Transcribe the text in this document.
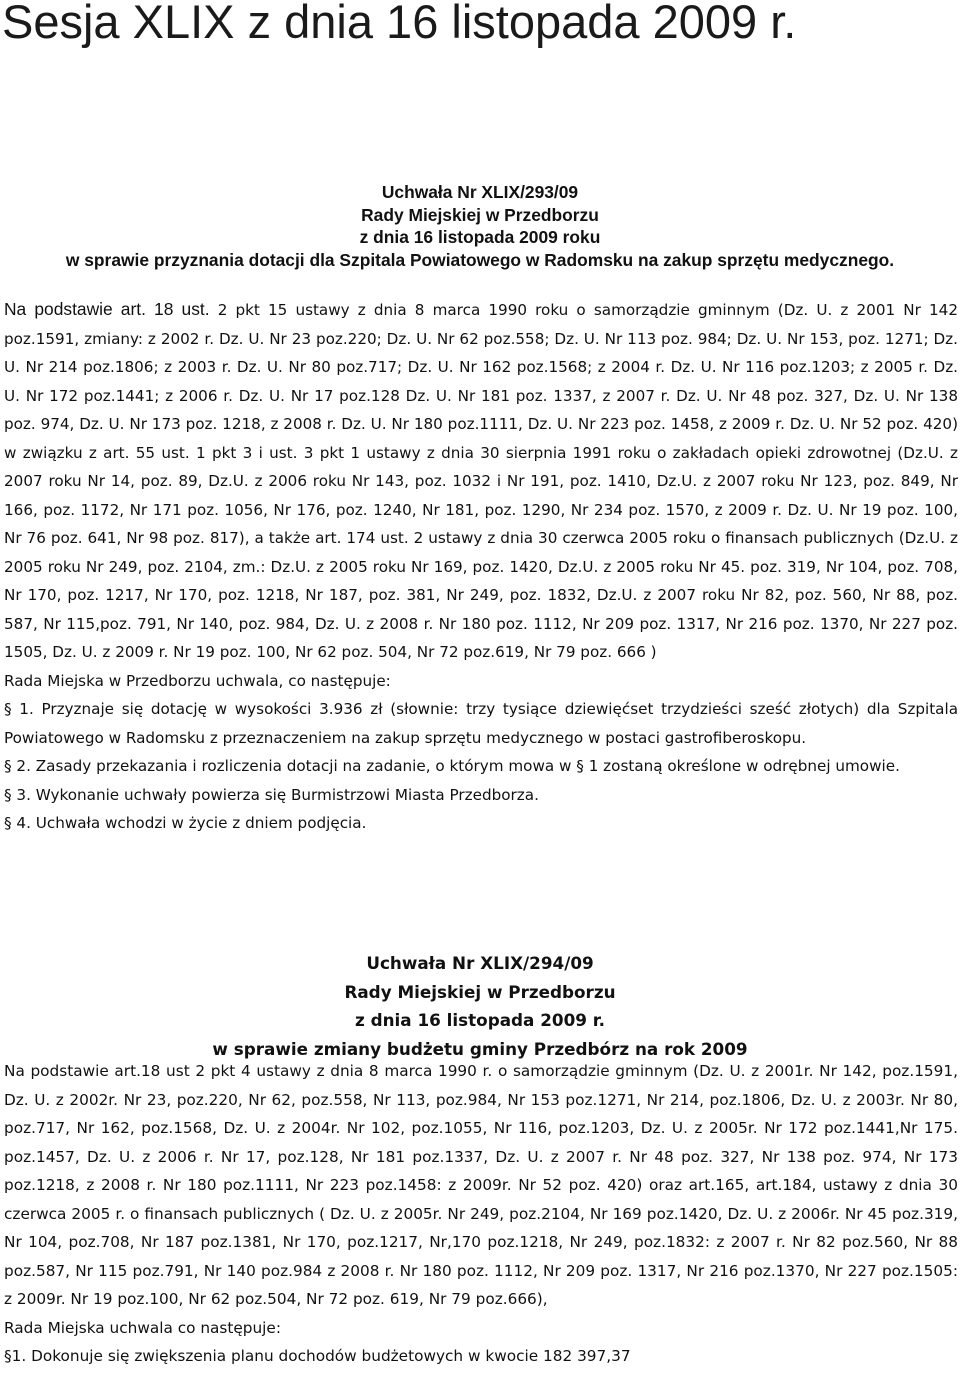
Sesja XLIX z dnia 16 listopada 2009 r.

Uchwała Nr XLIX/293/09

Rady Miejskiej w Przedborzu

z dnia 16 listopada 2009 roku

w sprawie przyznania dotacji dla Szpitala Powiatowego w Radomsku na zakup sprzętu medycznego.

Na podstawie art. 18 ust. 2 pkt 15 ustawy z dnia 8 marca 1990 roku o samorządzie gminnym (Dz. U. z 2001 Nr 142 poz.1591, zmiany: z 2002 r. Dz. U. Nr 23 poz.220; Dz. U. Nr 62 poz.558; Dz. U. Nr 113 poz. 984; Dz. U. Nr 153, poz. 1271; Dz. U. Nr 214 poz.1806; z 2003 r. Dz. U. Nr 80 poz.717; Dz. U. Nr 162 poz.1568; z 2004 r. Dz. U. Nr 116 poz.1203; z 2005 r. Dz. U. Nr 172 poz.1441; z 2006 r. Dz. U. Nr 17 poz.128 Dz. U. Nr 181 poz. 1337, z 2007 r. Dz. U. Nr 48 poz. 327, Dz. U. Nr 138 poz. 974, Dz. U. Nr 173 poz. 1218, z 2008 r. Dz. U. Nr 180 poz.1111, Dz. U. Nr 223 poz. 1458, z 2009 r. Dz. U. Nr 52 poz. 420) w związku z art. 55 ust. 1 pkt 3 i ust. 3 pkt 1 ustawy z dnia 30 sierpnia 1991 roku o zakładach opieki zdrowotnej (Dz.U. z 2007 roku Nr 14, poz. 89, Dz.U. z 2006 roku Nr 143, poz. 1032 i Nr 191, poz. 1410, Dz.U. z 2007 roku Nr 123, poz. 849, Nr 166, poz. 1172, Nr 171 poz. 1056, Nr 176, poz. 1240, Nr 181, poz. 1290, Nr 234 poz. 1570, z 2009 r. Dz. U. Nr 19 poz. 100, Nr 76 poz. 641, Nr 98 poz. 817), a także art. 174 ust. 2 ustawy z dnia 30 czerwca 2005 roku o finansach publicznych (Dz.U. z 2005 roku Nr 249, poz. 2104, zm.: Dz.U. z 2005 roku Nr 169, poz. 1420, Dz.U. z 2005 roku Nr 45. poz. 319, Nr 104, poz. 708, Nr 170, poz. 1217, Nr 170, poz. 1218, Nr 187, poz. 381, Nr 249, poz. 1832, Dz.U. z 2007 roku Nr 82, poz. 560, Nr 88, poz. 587, Nr 115,poz. 791, Nr 140, poz. 984, Dz. U. z 2008 r. Nr 180 poz. 1112, Nr 209 poz. 1317, Nr 216 poz. 1370, Nr 227 poz. 1505, Dz. U. z 2009 r. Nr 19 poz. 100, Nr 62 poz. 504, Nr 72 poz.619, Nr 79 poz. 666 )

Rada Miejska w Przedborzu uchwala, co następuje:

§ 1. Przyznaje się dotację w wysokości 3.936 zł (słownie: trzy tysiące dziewięćset trzydzieści sześć złotych) dla Szpitala Powiatowego w Radomsku z przeznaczeniem na zakup sprzętu medycznego w postaci gastrofiberoskopu.

§ 2. Zasady przekazania i rozliczenia dotacji na zadanie, o którym mowa w § 1 zostaną określone w odrębnej umowie.

§ 3. Wykonanie uchwały powierza się Burmistrzowi Miasta Przedborza.

§ 4. Uchwała wchodzi w życie z dniem podjęcia.

Uchwała Nr XLIX/294/09

Rady Miejskiej w Przedborzu

z dnia 16 listopada 2009 r.

w sprawie zmiany budżetu gminy Przedbórz na rok 2009

Na podstawie art.18 ust 2 pkt 4 ustawy z dnia 8 marca 1990 r. o samorządzie gminnym (Dz. U. z 2001r. Nr 142, poz.1591, Dz. U. z 2002r. Nr 23, poz.220, Nr 62, poz.558, Nr 113, poz.984, Nr 153 poz.1271, Nr 214, poz.1806, Dz. U. z 2003r. Nr 80, poz.717, Nr 162, poz.1568, Dz. U. z 2004r. Nr 102, poz.1055, Nr 116, poz.1203, Dz. U. z 2005r. Nr 172 poz.1441,Nr 175. poz.1457, Dz. U. z 2006 r. Nr 17, poz.128, Nr 181 poz.1337, Dz. U. z 2007 r. Nr 48 poz. 327, Nr 138 poz. 974, Nr 173 poz.1218, z 2008 r. Nr 180 poz.1111, Nr 223 poz.1458: z 2009r. Nr 52 poz. 420) oraz art.165, art.184, ustawy z dnia 30 czerwca 2005 r. o finansach publicznych ( Dz. U. z 2005r. Nr 249, poz.2104, Nr 169 poz.1420, Dz. U. z 2006r. Nr 45 poz.319, Nr 104, poz.708, Nr 187 poz.1381, Nr 170, poz.1217, Nr,170 poz.1218, Nr 249, poz.1832: z 2007 r. Nr 82 poz.560, Nr 88 poz.587, Nr 115 poz.791, Nr 140 poz.984 z 2008 r. Nr 180 poz. 1112, Nr 209 poz. 1317, Nr 216 poz.1370, Nr 227 poz.1505: z 2009r. Nr 19 poz.100, Nr 62 poz.504, Nr 72 poz. 619, Nr 79 poz.666),

Rada Miejska uchwala co następuje:

§1. Dokonuje się zwiększenia planu dochodów budżetowych w kwocie 182 397,37
